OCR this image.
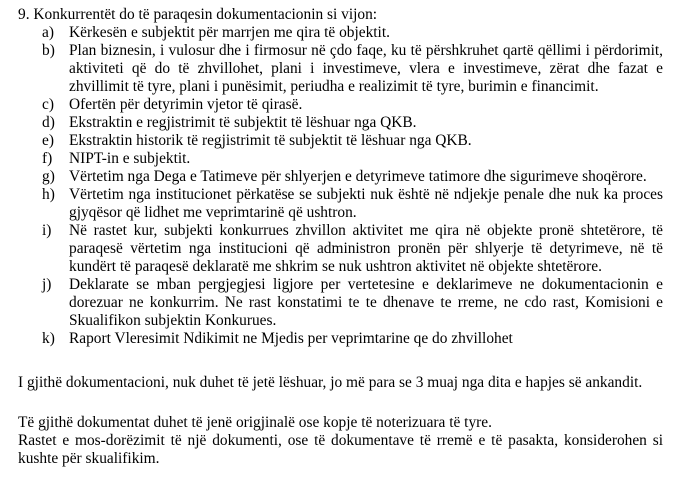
9. Konkurrentët do të paraqesin dokumentacionin si vijon:
a) Kërkesën e subjektit për marrjen me qira të objektit.
b) Plan biznesin, i vulosur dhe i firmosur në çdo faqe, ku të përshkruhet qartë qëllimi i përdorimit, aktiviteti që do të zhvillohet, plani i investimeve, vlera e investimeve, zërat dhe fazat e zhvillimit të tyre, plani i punësimit, periudha e realizimit të tyre, burimin e financimit.
c) Ofertën për detyrimin vjetor të qirasë.
d) Ekstraktin e regjistrimit të subjektit të lëshuar nga QKB.
e) Ekstraktin historik të regjistrimit të subjektit të lëshuar nga QKB.
f) NIPT-in e subjektit.
g) Vërtetim nga Dega e Tatimeve për shlyerjen e detyrimeve tatimore dhe sigurimeve shoqërore.
h) Vërtetim nga institucionet përkatëse se subjekti nuk është në ndjekje penale dhe nuk ka proces gjyqësor që lidhet me veprimtarinë që ushtron.
i) Në rastet kur, subjekti konkurrues zhvillon aktivitet me qira në objekte pronë shtetërore, të paraqesë vërtetim nga institucioni që administron pronën për shlyerje të detyrimeve, në të kundërt të paraqesë deklaratë me shkrim se nuk ushtron aktivitet në objekte shtetërore.
j) Deklarate se mban pergjegjesi ligjore per vertetesine e deklarimeve ne dokumentacionin e dorezuar ne konkurrim. Ne rast konstatimi te te dhenave te rreme, ne cdo rast, Komisioni e Skualifikon subjektin Konkurues.
k) Raport Vleresimit Ndikimit ne Mjedis per veprimtarine qe do zhvillohet
I gjithë dokumentacioni, nuk duhet të jetë lëshuar, jo më para se 3 muaj nga dita e hapjes së ankandit.
Të gjithë dokumentat duhet të jenë origjinalë ose kopje të noterizuara të tyre.
Rastet e mos-dorëzimit të një dokumenti, ose të dokumentave të rremë e të pasakta, konsiderohen si kushte për skualifikim.
